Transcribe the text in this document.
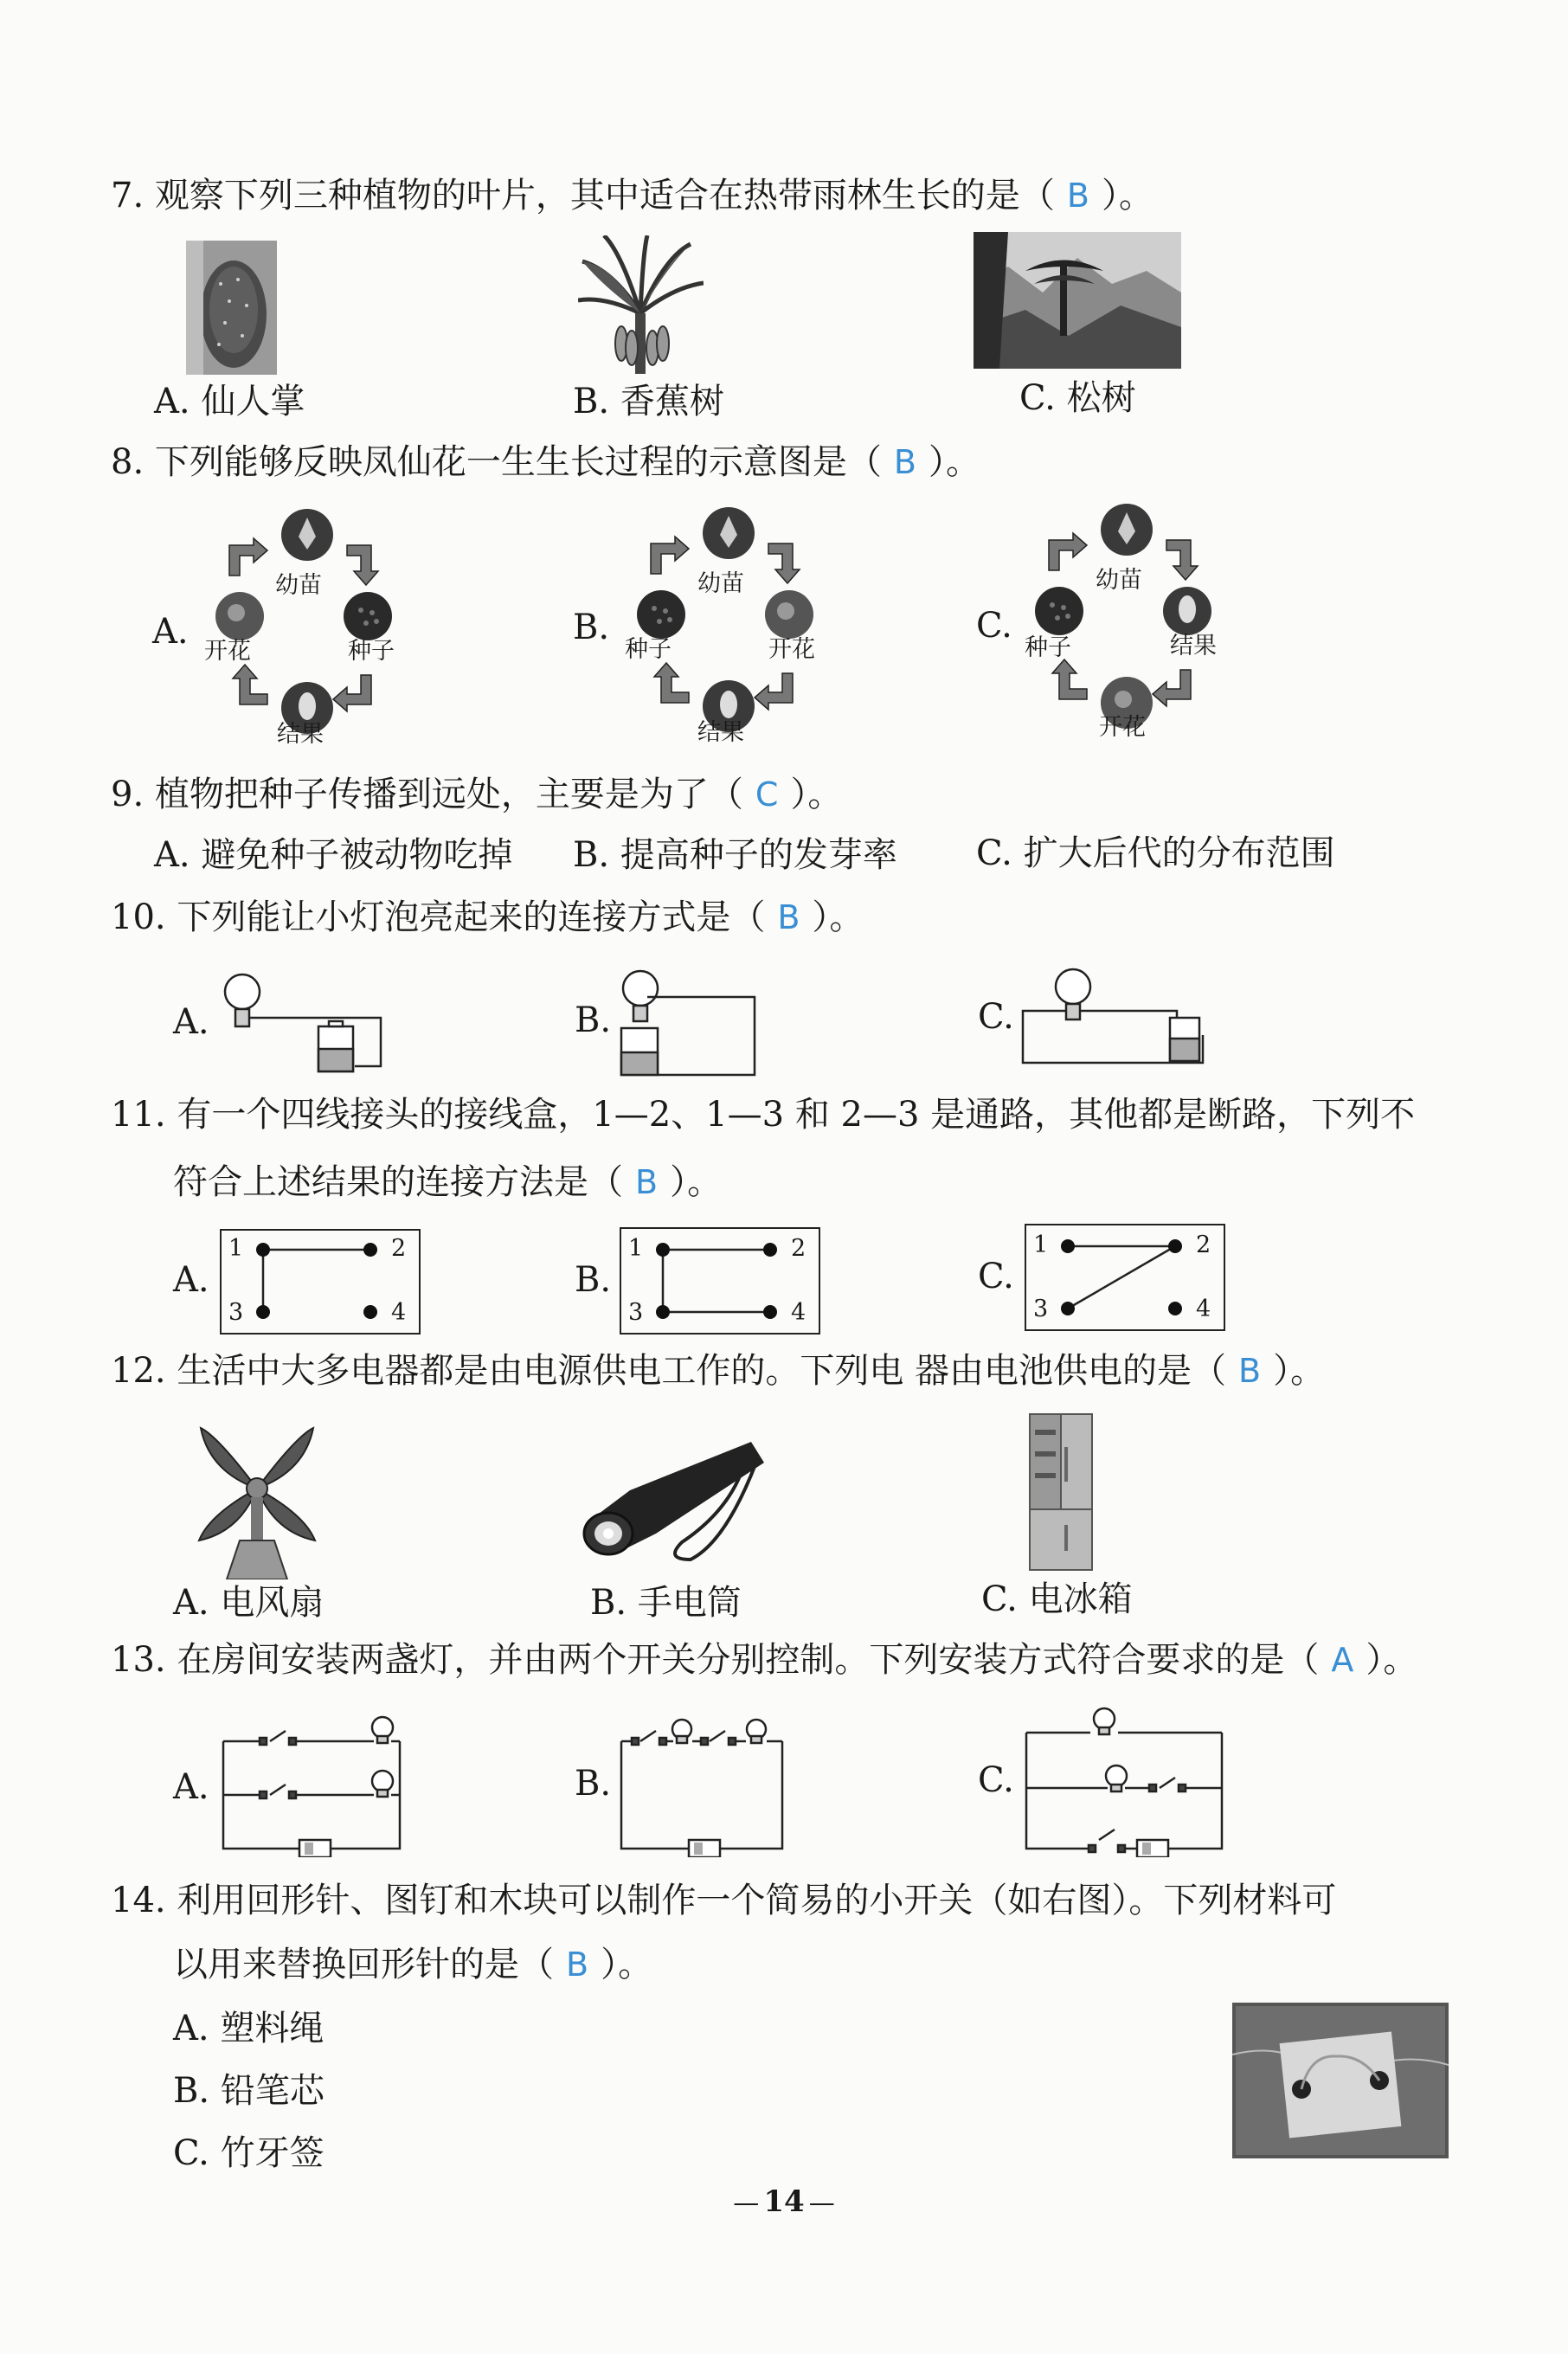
7. 观察下列三种植物的叶片，其中适合在热带雨林生长的是（ B ）。
A. 仙人掌	B. 香蕉树	C. 松树
8. 下列能够反映凤仙花一生生长过程的示意图是（ B ）。
A.
幼苗
种子
开花
结果
B.
幼苗
种子	开花
结果
C.
幼苗
种子	结果
开花
9. 植物把种子传播到远处，主要是为了（ C ）。
A. 避免种子被动物吃掉 B. 提高种子的发芽率 C. 扩大后代的分布范围
10. 下列能让小灯泡亮起来的连接方式是（ B ）。
A.	B.	C.
11. 有一个四线接头的接线盒，1—2、1—3 和 2—3 是通路，其他都是断路，下列不
符合上述结果的连接方法是（ B ）。
A.
1	2
3	4
B.
1	2
3	4
C.
1	2
3	4
12. 生活中大多电器都是由电源供电工作的。下列电 器由电池供电的是（ B ）。
A. 电风扇	B. 手电筒	C. 电冰箱
13. 在房间安装两盏灯，并由两个开关分别控制。下列安装方式符合要求的是（ A ）。
A.	B.	C.
14. 利用回形针、图钉和木块可以制作一个简易的小开关（如右图）。下列材料可
以用来替换回形针的是（ B ）。
A. 塑料绳
B. 铅笔芯
C. 竹牙签
— 14 —
